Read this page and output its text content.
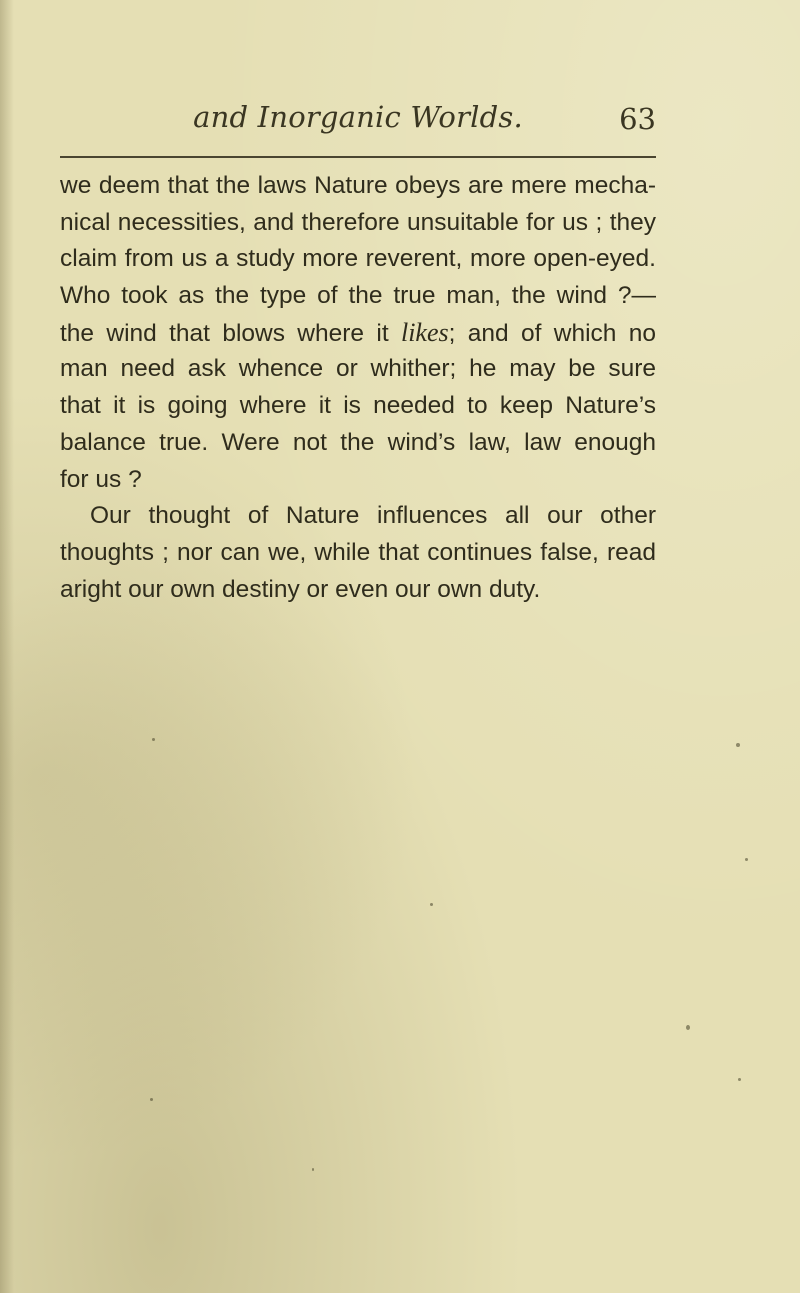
and Inorganic Worlds.	63
we deem that the laws Nature obeys are mere mecha-
nical necessities, and therefore unsuitable for us ; they
claim from us a study more reverent, more open-eyed.
Who took as the type of the true man, the wind ?—
the wind that blows where it likes; and of which no
man need ask whence or whither; he may be sure
that it is going where it is needed to keep Nature’s
balance true. Were not the wind’s law, law enough
for us ?
Our thought of Nature influences all our other
thoughts ; nor can we, while that continues false, read
aright our own destiny or even our own duty.
